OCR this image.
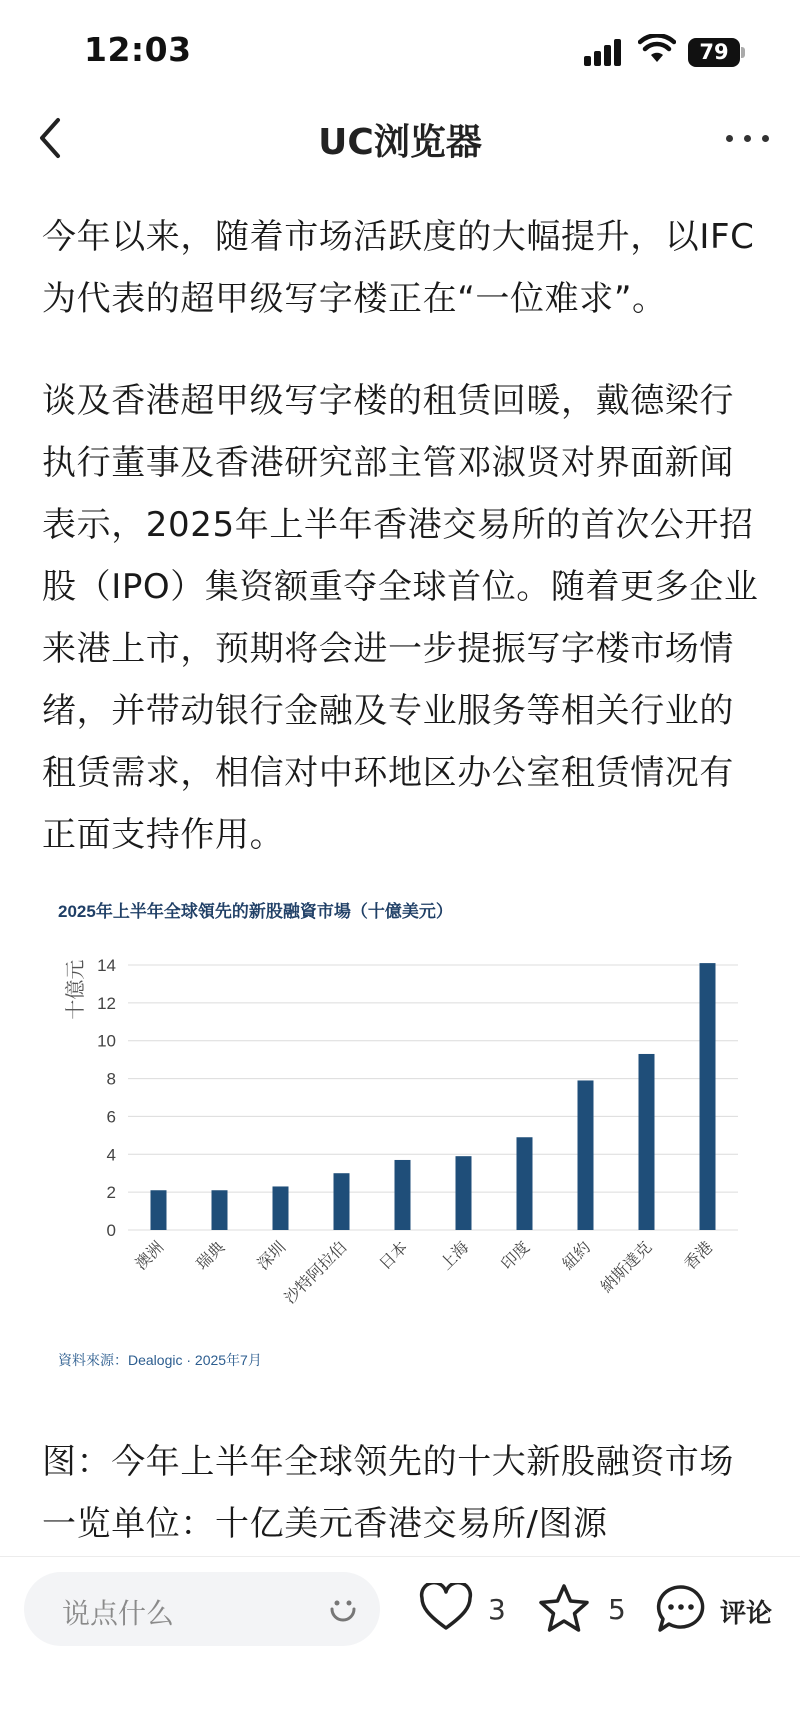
12:03	79
UC浏览器
今年以来，随着市场活跃度的大幅提升，以IFC为代表的超甲级写字楼正在“一位难求”。
谈及香港超甲级写字楼的租赁回暖，戴德梁行执行董事及香港研究部主管邓淑贤对界面新闻表示，2025年上半年香港交易所的首次公开招股（IPO）集资额重夺全球首位。随着更多企业来港上市，预期将会进一步提振写字楼市场情绪，并带动银行金融及专业服务等相关行业的租赁需求，相信对中环地区办公室租赁情况有正面支持作用。
2025年上半年全球領先的新股融資市場（十億美元）
十億元
0
2
4
6
8
10
12
14
澳洲 瑞典 深圳
沙特阿拉伯 日本 上海 印度 紐約 納斯達克 香港
資料來源：Dealogic · 2025年7月
图：今年上半年全球领先的十大新股融资市场一览单位：十亿美元香港交易所/图源
说点什么	3	5	评论
